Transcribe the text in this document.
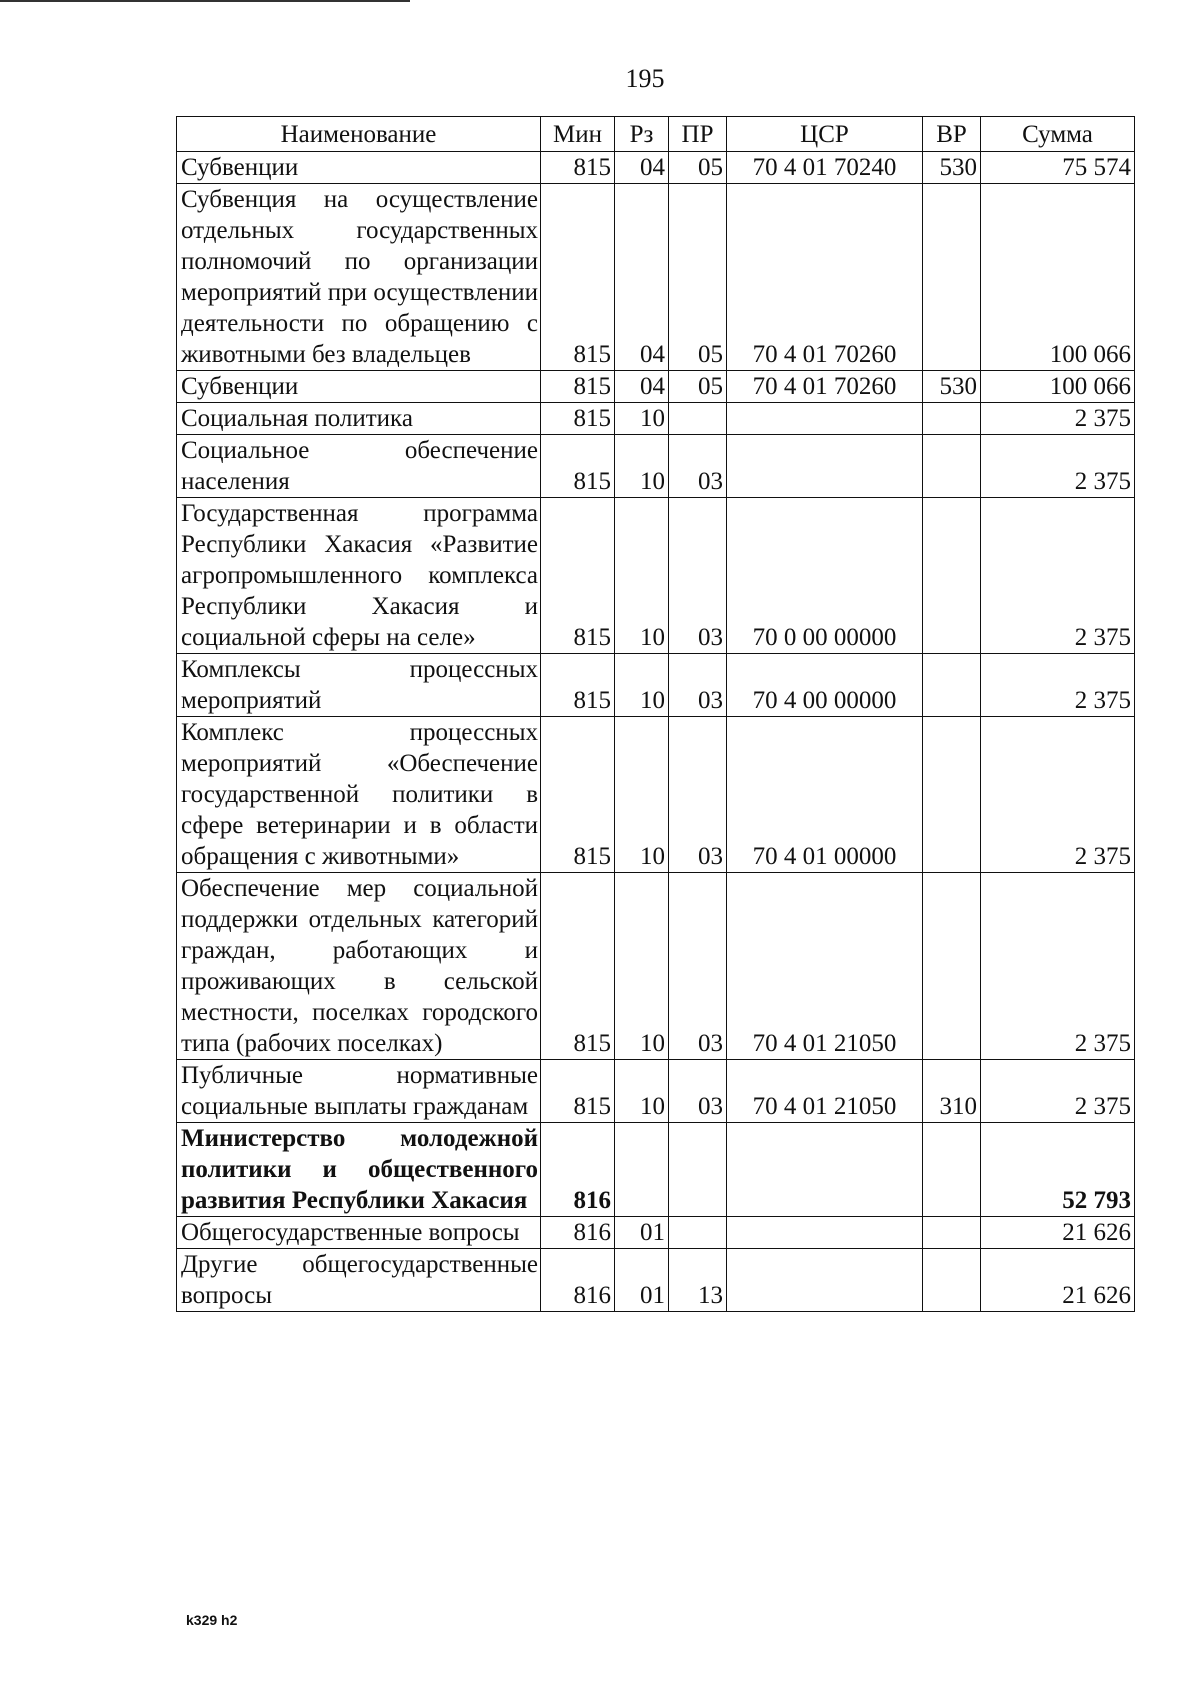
195
Наименование	Мин	Рз	ПР	ЦСР	ВР	Сумма
Субвенции	815	04	05	70 4 01 70240	530	75 574
Субвенция на осуществление отдельных государственных полномочий по организации мероприятий при осуществлении деятельности по обращению с животными без владельцев	815	04	05	70 4 01 70260		100 066
Субвенции	815	04	05	70 4 01 70260	530	100 066
Социальная политика	815	10				2 375
Социальное обеспечение населения	815	10	03			2 375
Государственная программа Республики Хакасия «Развитие агропромышленного комплекса Республики Хакасия и социальной сферы на селе»	815	10	03	70 0 00 00000		2 375
Комплексы процессных мероприятий	815	10	03	70 4 00 00000		2 375
Комплекс процессных мероприятий «Обеспечение государственной политики в сфере ветеринарии и в области обращения с животными»	815	10	03	70 4 01 00000		2 375
Обеспечение мер социальной поддержки отдельных категорий граждан, работающих и проживающих в сельской местности, поселках городского типа (рабочих поселках)	815	10	03	70 4 01 21050		2 375
Публичные нормативные социальные выплаты гражданам	815	10	03	70 4 01 21050	310	2 375
Министерство молодежной политики и общественного развития Республики Хакасия	816					52 793
Общегосударственные вопросы	816	01				21 626
Другие общегосударственные вопросы	816	01	13			21 626
k329 h2
